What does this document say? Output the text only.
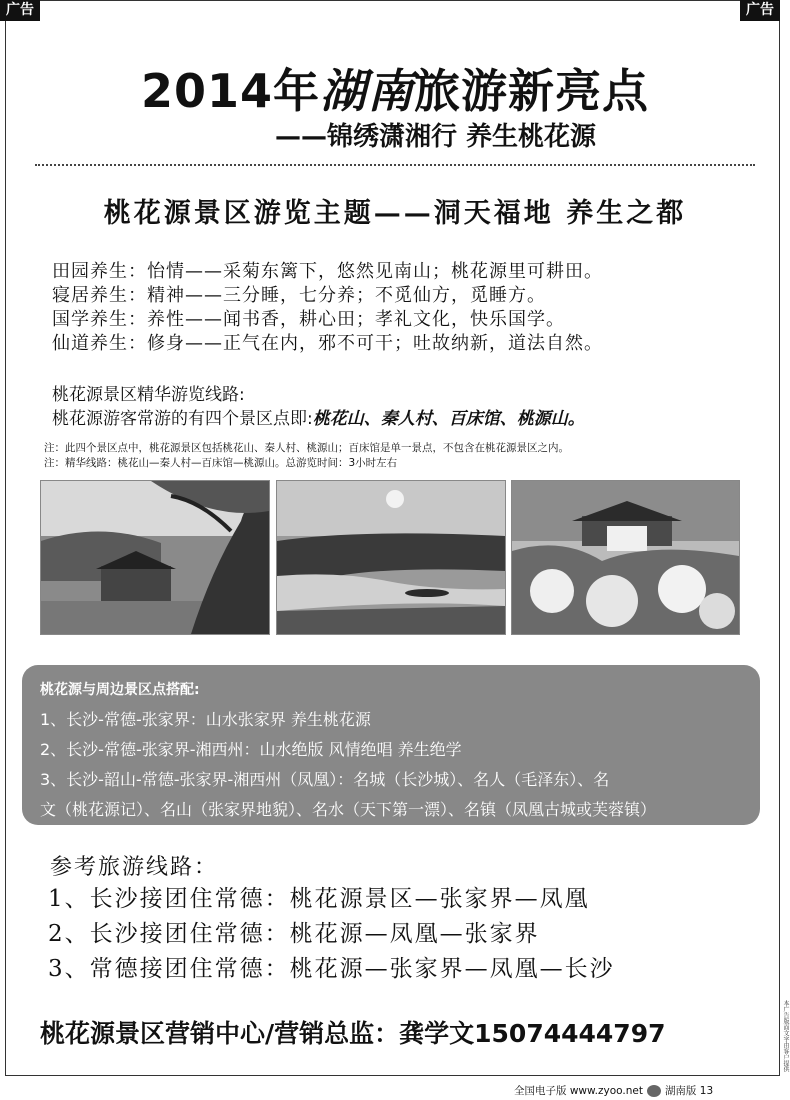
广告	广告
2014年湖南旅游新亮点
——锦绣潇湘行 养生桃花源
桃花源景区游览主题——洞天福地 养生之都
田园养生：怡情——采菊东篱下，悠然见南山；桃花源里可耕田。
寝居养生：精神——三分睡，七分养；不觅仙方，觅睡方。
国学养生：养性——闻书香，耕心田；孝礼文化，快乐国学。
仙道养生：修身——正气在内，邪不可干；吐故纳新，道法自然。
桃花源景区精华游览线路:
桃花源游客常游的有四个景区点即:桃花山、秦人村、百床馆、桃源山。
注：此四个景区点中，桃花源景区包括桃花山、秦人村、桃源山；百床馆是单一景点，不包含在桃花源景区之内。
注：精华线路：桃花山—秦人村—百床馆—桃源山。总游览时间：3小时左右
桃花源与周边景区点搭配:
1、长沙-常德-张家界：山水张家界 养生桃花源
2、长沙-常德-张家界-湘西州：山水绝版 风情绝唱 养生绝学
3、长沙-韶山-常德-张家界-湘西州（凤凰）：名城（长沙城）、名人（毛泽东）、名
文（桃花源记）、名山（张家界地貌）、名水（天下第一漂）、名镇（凤凰古城或芙蓉镇）
参考旅游线路：
1、长沙接团住常德：桃花源景区—张家界—凤凰
2、长沙接团住常德：桃花源—凤凰—张家界
3、常德接团住常德：桃花源—张家界—凤凰—长沙
桃花源景区营销中心/营销总监：龚学文15074444797	本广告版面文字由客户提供
全国电子版 www.zyoo.net 湖南版 13
